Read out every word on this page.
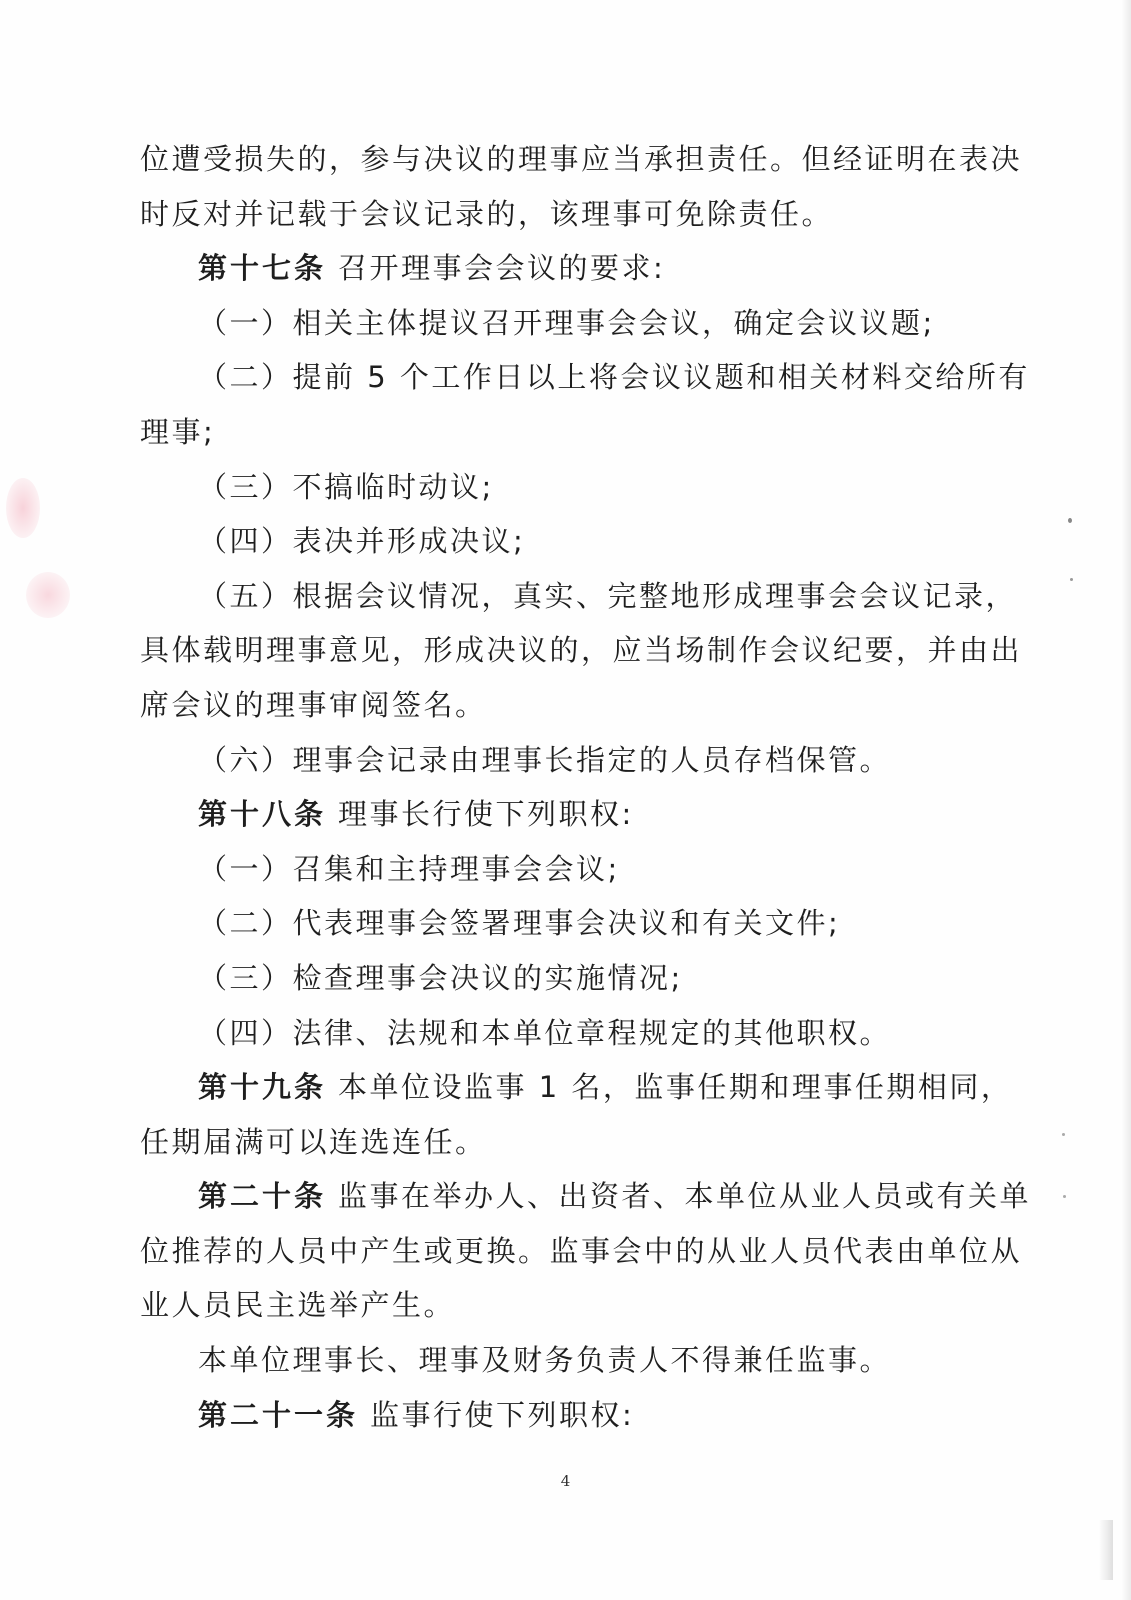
位遭受损失的，参与决议的理事应当承担责任。但经证明在表决
时反对并记载于会议记录的，该理事可免除责任。
第十七条 召开理事会会议的要求:
（一）相关主体提议召开理事会会议，确定会议议题;
（二）提前 5 个工作日以上将会议议题和相关材料交给所有
理事;
（三）不搞临时动议;
（四）表决并形成决议;
（五）根据会议情况，真实、完整地形成理事会会议记录，
具体载明理事意见，形成决议的，应当场制作会议纪要，并由出
席会议的理事审阅签名。
（六）理事会记录由理事长指定的人员存档保管。
第十八条 理事长行使下列职权:
（一）召集和主持理事会会议;
（二）代表理事会签署理事会决议和有关文件;
（三）检查理事会决议的实施情况;
（四）法律、法规和本单位章程规定的其他职权。
第十九条 本单位设监事 1 名，监事任期和理事任期相同，
任期届满可以连选连任。
第二十条 监事在举办人、出资者、本单位从业人员或有关单
位推荐的人员中产生或更换。监事会中的从业人员代表由单位从
业人员民主选举产生。
本单位理事长、理事及财务负责人不得兼任监事。
第二十一条 监事行使下列职权:
4
